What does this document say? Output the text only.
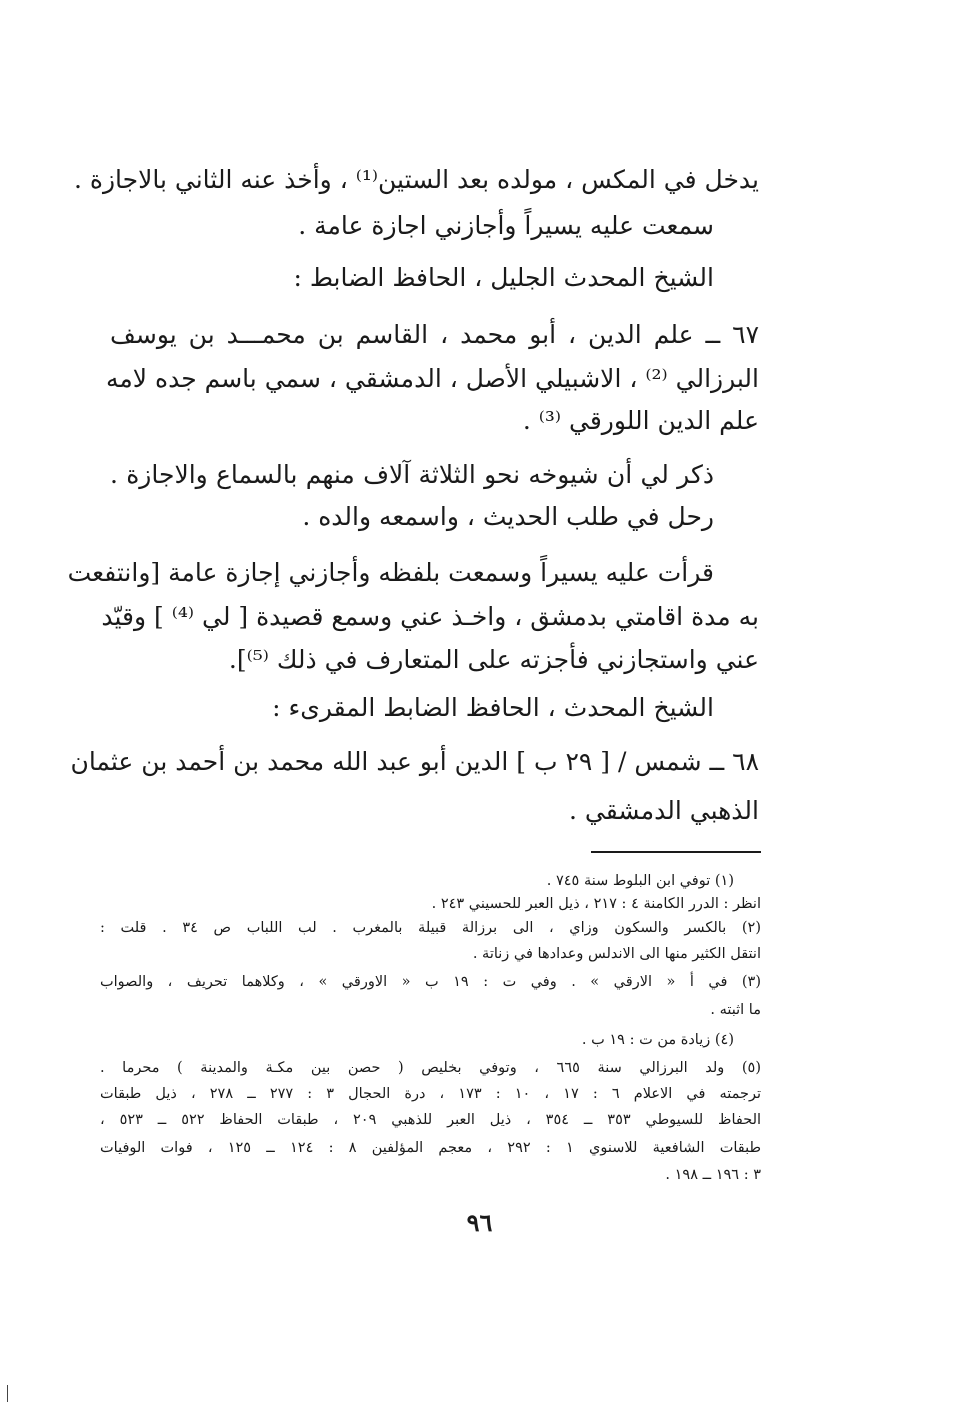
يدخل في المكس ، مولده بعد الستين⁽¹⁾ ، وأخذ عنه الثاني بالاجازة .
سمعت عليه يسيراً وأجازني اجازة عامة .
الشيخ المحدث الجليل ، الحافظ الضابط :
٦٧ ــ علم الدين ، أبو محمد ، القاسم بن محمـــد بن يوسف
البرزالي ⁽²⁾ ، الاشبيلي الأصل ، الدمشقي ، سمي باسم جده لامه
علم الدين اللورقي ⁽³⁾ .
ذكر لي أن شيوخه نحو الثلاثة آلاف منهم بالسماع والاجازة .
رحل في طلب الحديث ، واسمعه والده .
قرأت عليه يسيراً وسمعت بلفظه وأجازني إجازة عامة [وانتفعت
به مدة اقامتي بدمشق ، واخـذ عني وسمع قصيدة [ لي ⁽⁴⁾ ] وقيّد
عني واستجازني فأجزته على المتعارف في ذلك ⁽⁵⁾].
الشيخ المحدث ، الحافظ الضابط المقرىء :
٦٨ ــ شمس / [ ٢٩ ب ] الدين أبو عبد الله محمد بن أحمد بن عثمان
الذهبي الدمشقي .
(١) توفي ابن البلوط سنة ٧٤٥ .
انظر : الدرر الكامنة ٤ : ٢١٧ ، ذيل العبر للحسيني ٢٤٣ .
(٢) بالكسر والسكون وزاي ، الى برزالة قبيلة بالمغرب . لب اللباب ص ٣٤ . قلت :
انتقل الكثير منها الى الاندلس وعدادها في زناتة .
(٣) في أ « الارقي » . وفي ت : ١٩ ب « الاورقي » ، وكلاهما تحريف ، والصواب
ما اثبته .
(٤) زيادة من ت : ١٩ ب .
(٥) ولد البرزالي سنة ٦٦٥ ، وتوفي بخليص ( حصن بين مكـة والمدينة ) محرما .
ترجمته في الاعلام ٦ : ١٧ ، ١٠ : ١٧٣ ، درة الحجال ٣ : ٢٧٧ ــ ٢٧٨ ، ذيل طبقات
الحفاظ للسيوطي ٣٥٣ ــ ٣٥٤ ، ذيل العبر للذهبي ٢٠٩ ، طبقات الحفاظ ٥٢٢ ــ ٥٢٣ ،
طبقات الشافعية للاسنوي ١ : ٢٩٢ ، معجم المؤلفين ٨ : ١٢٤ ــ ١٢٥ ، فوات الوفيات
٣ : ١٩٦ ــ ١٩٨ .
٩٦
